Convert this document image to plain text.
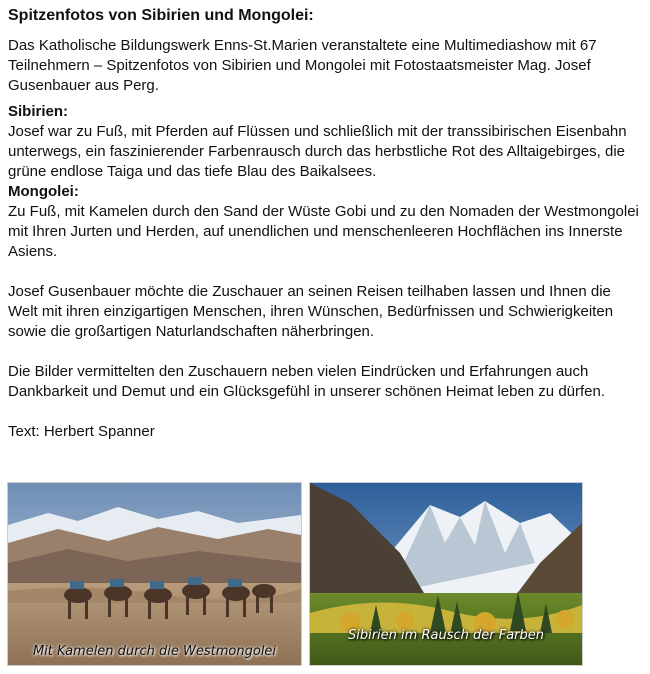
Spitzenfotos von Sibirien und Mongolei:

Das Katholische Bildungswerk Enns-St.Marien veranstaltete eine Multimediashow mit 67 Teilnehmern – Spitzenfotos von Sibirien und Mongolei mit Fotostaatsmeister Mag. Josef Gusenbauer aus Perg.

Sibirien:

Josef war zu Fuß, mit Pferden auf Flüssen und schließlich mit der transsibirischen Eisenbahn unterwegs, ein faszinierender Farbenrausch durch das herbstliche Rot des Alltaigebirges, die grüne endlose Taiga und das tiefe Blau des Baikalsees.

Mongolei:

Zu Fuß, mit Kamelen durch den Sand der Wüste Gobi und zu den Nomaden der Westmongolei mit Ihren Jurten und Herden, auf unendlichen und menschenleeren Hochflächen ins Innerste Asiens.

Josef Gusenbauer möchte die Zuschauer an seinen Reisen teilhaben lassen und Ihnen die Welt mit ihren einzigartigen Menschen, ihren Wünschen, Bedürfnissen und Schwierigkeiten sowie die großartigen Naturlandschaften näherbringen.

Die Bilder vermittelten den Zuschauern neben vielen Eindrücken und Erfahrungen auch Dankbarkeit und Demut und ein Glücksgefühl in unserer schönen Heimat leben zu dürfen.

Text: Herbert Spanner

Mit Kamelen durch die Westmongolei
Sibirien im Rausch der Farben
